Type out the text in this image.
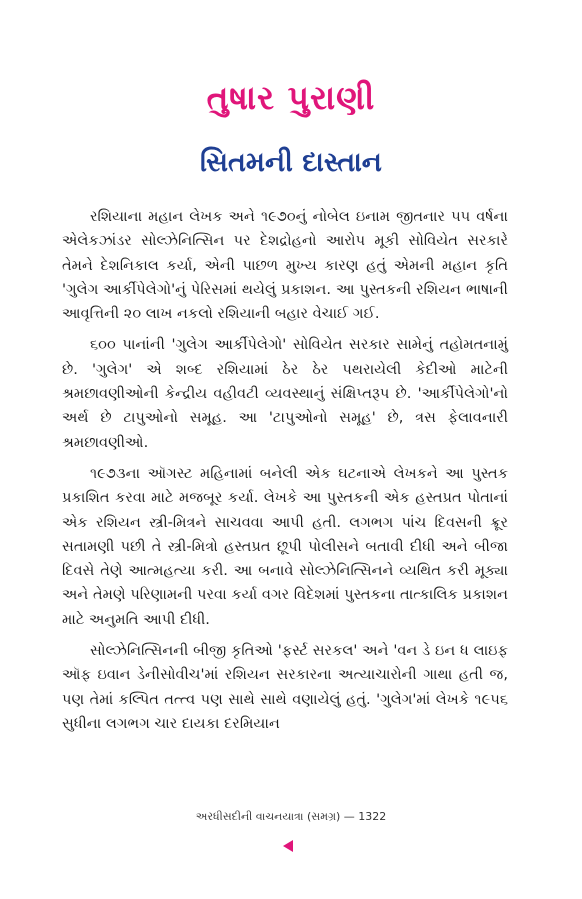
તુષાર પુરાણી
સિતમની દાસ્તાન

રશિયાના મહાન લેખક અને ૧૯૭૦નું નોબેલ ઇનામ જીતનાર ૫૫ વર્ષના એલેકઝાંડર સોલ્ઝેનિત્સિન પર દેશદ્રોહનો આરોપ મૂકી સોવિયેત સરકારે તેમને દેશનિકાલ કર્યા, એની પાછળ મુખ્ય કારણ હતું એમની મહાન કૃતિ 'ગુલેગ આર્કીપેલેગો'નું પેરિસમાં થયેલું પ્રકાશન. આ પુસ્તકની રશિયન ભાષાની આવૃત્તિની ૨૦ લાખ નકલો રશિયાની બહાર વેચાઈ ગઈ.

૬૦૦ પાનાંની 'ગુલેગ આર્કીપેલેગો' સોવિયેત સરકાર સામેનું તહોમતનામું છે. 'ગુલેગ' એ શબ્દ રશિયામાં ઠેર ઠેર પથરાયેલી કેદીઓ માટેની શ્રમછાવણીઓની કેન્દ્રીય વહીવટી વ્યવસ્થાનું સંક્ષિપ્તરૂપ છે. 'આર્કીપેલેગો'નો અર્થ છે ટાપુઓનો સમૂહ. આ 'ટાપુઓનો સમૂહ' છે, ત્રસ ફેલાવનારી શ્રમછાવણીઓ.

૧૯૭૩ના ઑગસ્ટ મહિનામાં બનેલી એક ઘટનાએ લેખકને આ પુસ્તક પ્રકાશિત કરવા માટે મજબૂર કર્યા. લેખકે આ પુસ્તકની એક હસ્તપ્રત પોતાનાં એક રશિયન સ્ત્રી-મિત્રને સાચવવા આપી હતી. લગભગ પાંચ દિવસની ક્રૂર સતામણી પછી તે સ્ત્રી-મિત્રો હસ્તપ્રત છૂપી પોલીસને બતાવી દીધી અને બીજા દિવસે તેણે આત્મહત્યા કરી. આ બનાવે સોલ્ઝેનિત્સિનને વ્યથિત કરી મૂક્યા અને તેમણે પરિણામની પરવા કર્યા વગર વિદેશમાં પુસ્તકના તાત્કાલિક પ્રકાશન માટે અનુમતિ આપી દીધી.

સોલ્ઝેનિત્સિનની બીજી કૃતિઓ 'ફર્સ્ટ સરકલ' અને 'વન ડે ઇન ધ લાઇફ ઑફ ઇવાન ડેનીસોવીચ'માં રશિયન સરકારના અત્યાચારોની ગાથા હતી જ, પણ તેમાં કલ્પિત તત્ત્વ પણ સાથે સાથે વણાયેલું હતું. 'ગુલેગ'માં લેખકે ૧૯૫૬ સુધીના લગભગ ચાર દાયકા દરમિયાન

અરધીસદીની વાચનયાત્રા (સમગ્ર) — 1322
